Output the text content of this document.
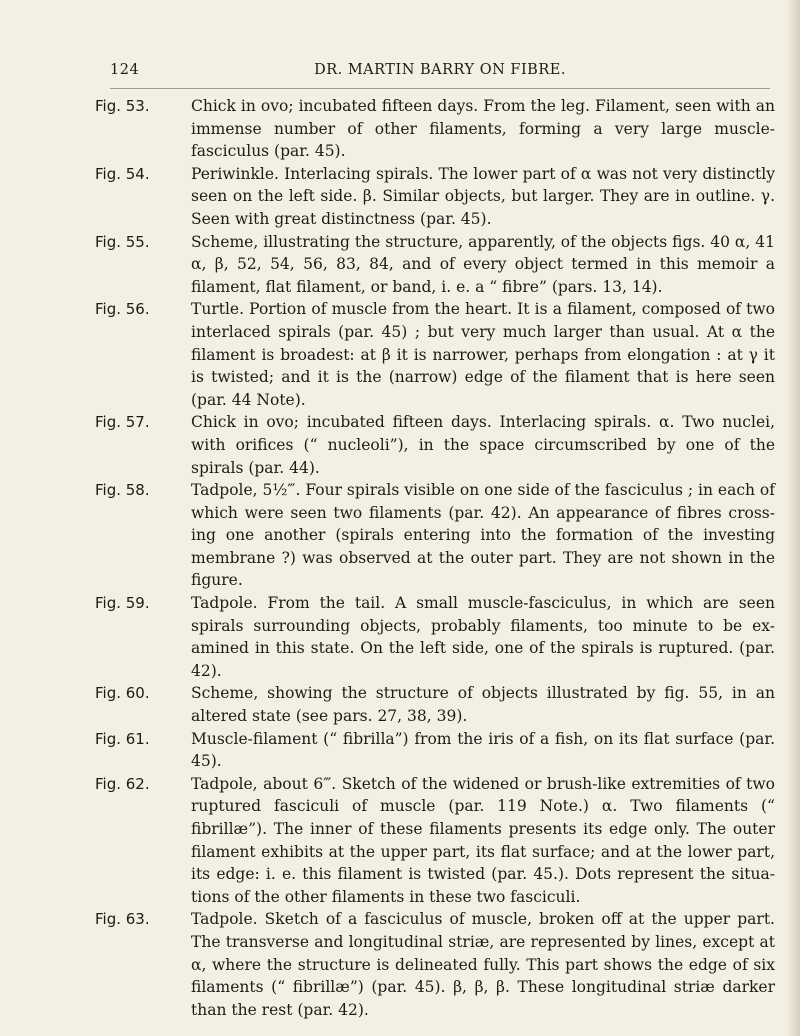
124	DR. MARTIN BARRY ON FIBRE.
Fig. 53.	Chick in ovo; incubated fifteen days. From the leg. Filament, seen with an immense number of other filaments, forming a very large muscle-fasciculus (par. 45).
Fig. 54.	Periwinkle. Interlacing spirals. The lower part of α was not very distinctly seen on the left side. β. Similar objects, but larger. They are in outline. γ. Seen with great distinctness (par. 45).
Fig. 55.	Scheme, illustrating the structure, apparently, of the objects figs. 40 α, 41 α, β, 52, 54, 56, 83, 84, and of every object termed in this memoir a filament, flat filament, or band, i. e. a “ fibre” (pars. 13, 14).
Fig. 56.	Turtle. Portion of muscle from the heart. It is a filament, composed of two interlaced spirals (par. 45) ; but very much larger than usual. At α the filament is broadest: at β it is narrower, perhaps from elongation : at γ it is twisted; and it is the (narrow) edge of the filament that is here seen (par. 44 Note).
Fig. 57.	Chick in ovo; incubated fifteen days. Interlacing spirals. α. Two nuclei, with orifices (“ nucleoli”), in the space circumscribed by one of the spirals (par. 44).
Fig. 58.	Tadpole, 5½‴. Four spirals visible on one side of the fasciculus ; in each of which were seen two filaments (par. 42). An appearance of fibres cross-ing one another (spirals entering into the formation of the investing membrane ?) was observed at the outer part. They are not shown in the figure.
Fig. 59.	Tadpole. From the tail. A small muscle-fasciculus, in which are seen spirals surrounding objects, probably filaments, too minute to be ex-amined in this state. On the left side, one of the spirals is ruptured. (par. 42).
Fig. 60.	Scheme, showing the structure of objects illustrated by fig. 55, in an altered state (see pars. 27, 38, 39).
Fig. 61.	Muscle-filament (“ fibrilla”) from the iris of a fish, on its flat surface (par. 45).
Fig. 62.	Tadpole, about 6‴. Sketch of the widened or brush-like extremities of two ruptured fasciculi of muscle (par. 119 Note.) α. Two filaments (“ fibrillæ”). The inner of these filaments presents its edge only. The outer filament exhibits at the upper part, its flat surface; and at the lower part, its edge: i. e. this filament is twisted (par. 45.). Dots represent the situa-tions of the other filaments in these two fasciculi.
Fig. 63.	Tadpole. Sketch of a fasciculus of muscle, broken off at the upper part. The transverse and longitudinal striæ, are represented by lines, except at α, where the structure is delineated fully. This part shows the edge of six filaments (“ fibrillæ”) (par. 45). β, β, β. These longitudinal striæ darker than the rest (par. 42).
